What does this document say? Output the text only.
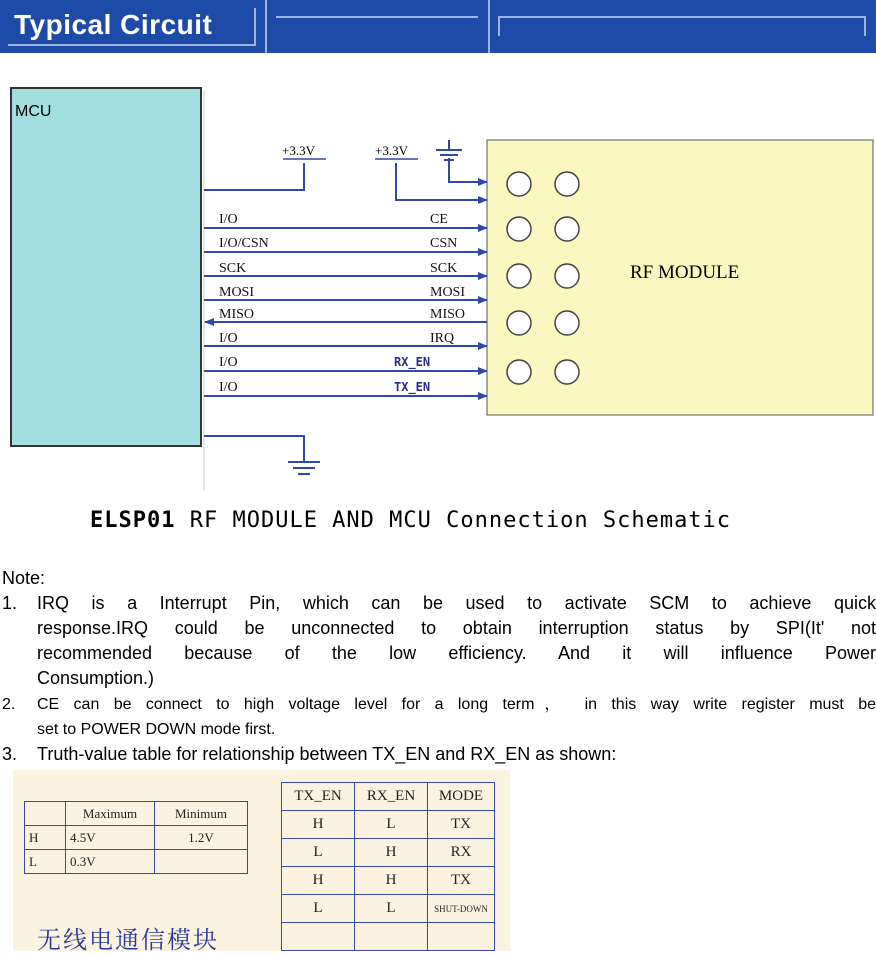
Typical Circuit
MCU
RF MODULE
+3.3V	+3.3V
I/O
I/O/CSN
SCK
MOSI
MISO
I/O
I/O
I/O
CE
CSN
SCK
MOSI
MISO
IRQ
RX_EN
TX_EN
ELSP01 RF MODULE AND MCU Connection Schematic
Note:
1. IRQ is a Interrupt Pin, which can be used to activate SCM to achieve quick
response.IRQ could be unconnected to obtain interruption status by SPI(It' not
recommended because of the low efficiency. And it will influence Power
Consumption.)
2. CE can be connect to high voltage level for a long term， in this way write register must be
set to POWER DOWN mode first.
3. Truth-value table for relationship between TX_EN and RX_EN as shown:
	Maximum	Minimum
H	4.5V	1.2V
L	0.3V	
TX_EN	RX_EN	MODE
H	L	TX
L	H	RX
H	H	TX
L	L	SHUT-DOWN

无线电通信模块
